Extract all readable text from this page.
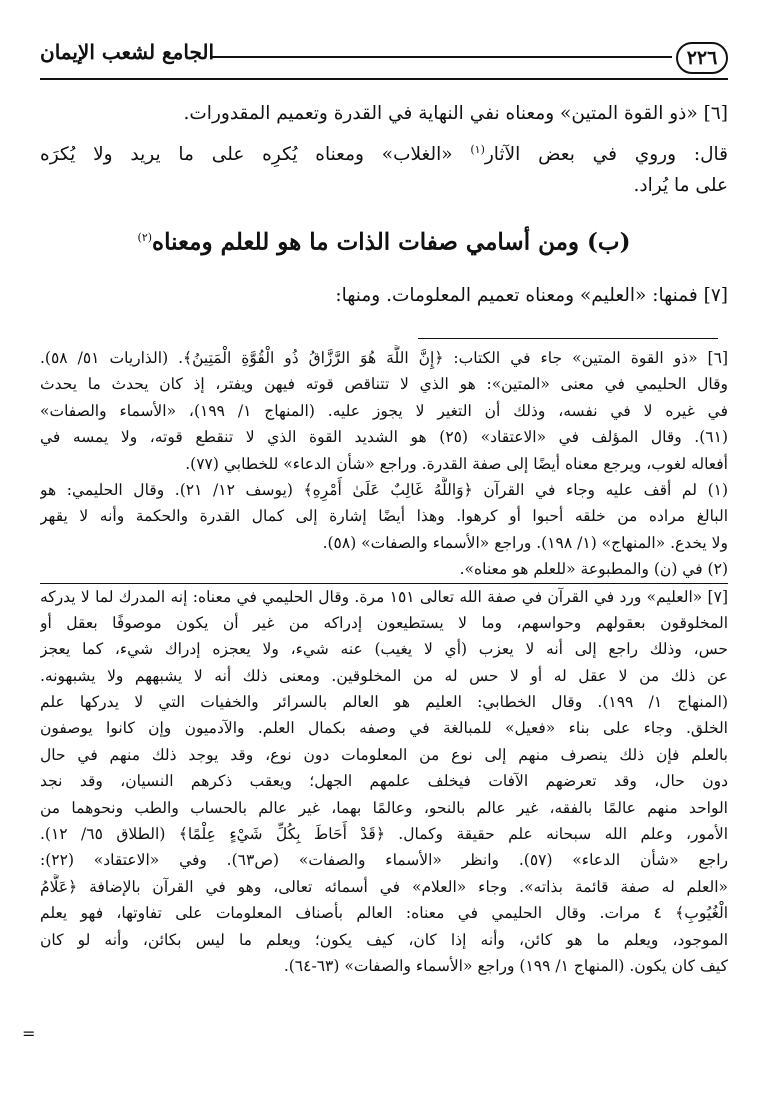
٢٢٦
الجامع لشعب الإيمان
[٦] «ذو القوة المتين» ومعناه نفي النهاية في القدرة وتعميم المقدورات.
قال: وروي في بعض الآثار$^{(١)}$ «الغلاب» ومعناه يُكرِه على ما يريد ولا يُكرَه
على ما يُراد.
(ب) ومن أسامي صفات الذات ما هو للعلم ومعناه$^{(٢)}$
[٧] فمنها: «العليم» ومعناه تعميم المعلومات. ومنها:
[٦] «ذو القوة المتين» جاء في الكتاب: ﴿إِنَّ اللَّهَ هُوَ الرَّزَّاقُ ذُو الْقُوَّةِ الْمَتِينُ﴾. (الذاريات ٥١/ ٥٨).
وقال الحليمي في معنى «المتين»: هو الذي لا تتناقص قوته فيهن ويفتر، إذ كان يحدث ما يحدث
في غيره لا في نفسه، وذلك أن التغير لا يجوز عليه. (المنهاج ١/ ١٩٩)، «الأسماء والصفات»
(٦١). وقال المؤلف في «الاعتقاد» (٢٥) هو الشديد القوة الذي لا تنقطع قوته، ولا يمسه في
أفعاله لغوب، ويرجع معناه أيضًا إلى صفة القدرة. وراجع «شأن الدعاء» للخطابي (٧٧).
(١) لم أقف عليه وجاء في القرآن ﴿وَاللَّهُ غَالِبٌ عَلَىٰ أَمْرِهِ﴾ (يوسف ١٢/ ٢١). وقال الحليمي: هو
البالغ مراده من خلقه أحبوا أو كرهوا. وهذا أيضًا إشارة إلى كمال القدرة والحكمة وأنه لا يقهر
ولا يخدع. «المنهاج» (١/ ١٩٨). وراجع «الأسماء والصفات» (٥٨).
(٢) في (ن) والمطبوعة «للعلم هو معناه».
[٧] «العليم» ورد في القرآن في صفة الله تعالى ١٥١ مرة. وقال الحليمي في معناه: إنه المدرك لما لا يدركه
المخلوقون بعقولهم وحواسهم، وما لا يستطيعون إدراكه من غير أن يكون موصوفًا بعقل أو
حس، وذلك راجع إلى أنه لا يعزب (أي لا يغيب) عنه شيء، ولا يعجزه إدراك شيء، كما يعجز
عن ذلك من لا عقل له أو لا حس له من المخلوقين. ومعنى ذلك أنه لا يشبههم ولا يشبهونه.
(المنهاج ١/ ١٩٩). وقال الخطابي: العليم هو العالم بالسرائر والخفيات التي لا يدركها علم
الخلق. وجاء على بناء «فعيل» للمبالغة في وصفه بكمال العلم. والآدميون وإن كانوا يوصفون
بالعلم فإن ذلك ينصرف منهم إلى نوع من المعلومات دون نوع، وقد يوجد ذلك منهم في حال
دون حال، وقد تعرضهم الآفات فيخلف علمهم الجهل؛ ويعقب ذكرهم النسيان، وقد نجد
الواحد منهم عالمًا بالفقه، غير عالم بالنحو، وعالمًا بهما، غير عالم بالحساب والطب ونحوهما من
الأمور، وعلم الله سبحانه علم حقيقة وكمال. ﴿قَدْ أَحَاطَ بِكُلِّ شَيْءٍ عِلْمًا﴾ (الطلاق ٦٥/ ١٢).
راجع «شأن الدعاء» (٥٧). وانظر «الأسماء والصفات» (ص٦٣). وفي «الاعتقاد» (٢٢):
«العلم له صفة قائمة بذاته». وجاء «العلام» في أسمائه تعالى، وهو في القرآن بالإضافة ﴿عَلَّامُ
الْغُيُوبِ﴾ ٤ مرات. وقال الحليمي في معناه: العالم بأصناف المعلومات على تفاوتها، فهو يعلم
الموجود، ويعلم ما هو كائن، وأنه إذا كان، كيف يكون؛ ويعلم ما ليس بكائن، وأنه لو كان
كيف كان يكون. (المنهاج ١/ ١٩٩) وراجع «الأسماء والصفات» (٦٣-٦٤).
=
